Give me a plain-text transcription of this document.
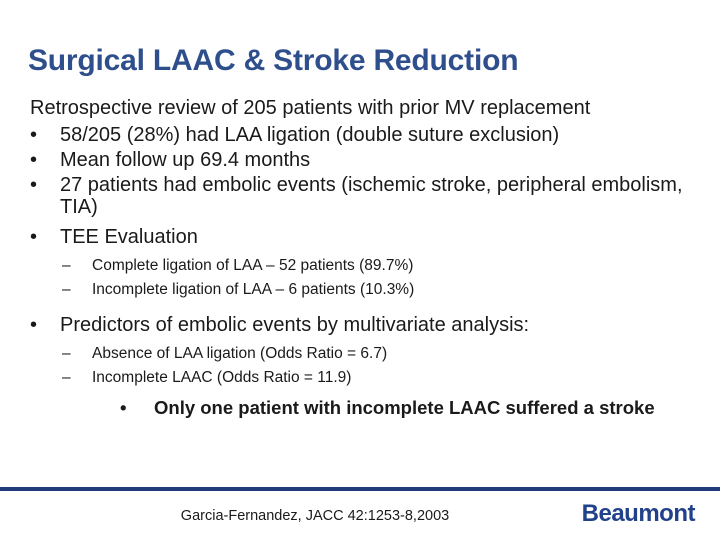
Surgical LAAC & Stroke Reduction
Retrospective review of 205 patients with prior MV replacement
•	58/205 (28%) had LAA ligation (double suture exclusion)
•	Mean follow up 69.4 months
•	27 patients had embolic events (ischemic stroke, peripheral embolism, TIA)
•	TEE Evaluation
–	Complete ligation of LAA – 52 patients (89.7%)
–	Incomplete ligation of LAA – 6 patients (10.3%)
•	Predictors of embolic events by multivariate analysis:
–	Absence of LAA ligation (Odds Ratio = 6.7)
–	Incomplete LAAC (Odds Ratio = 11.9)
•	Only one patient with incomplete LAAC suffered a stroke
Garcia-Fernandez, JACC 42:1253-8,2003	Beaumont
